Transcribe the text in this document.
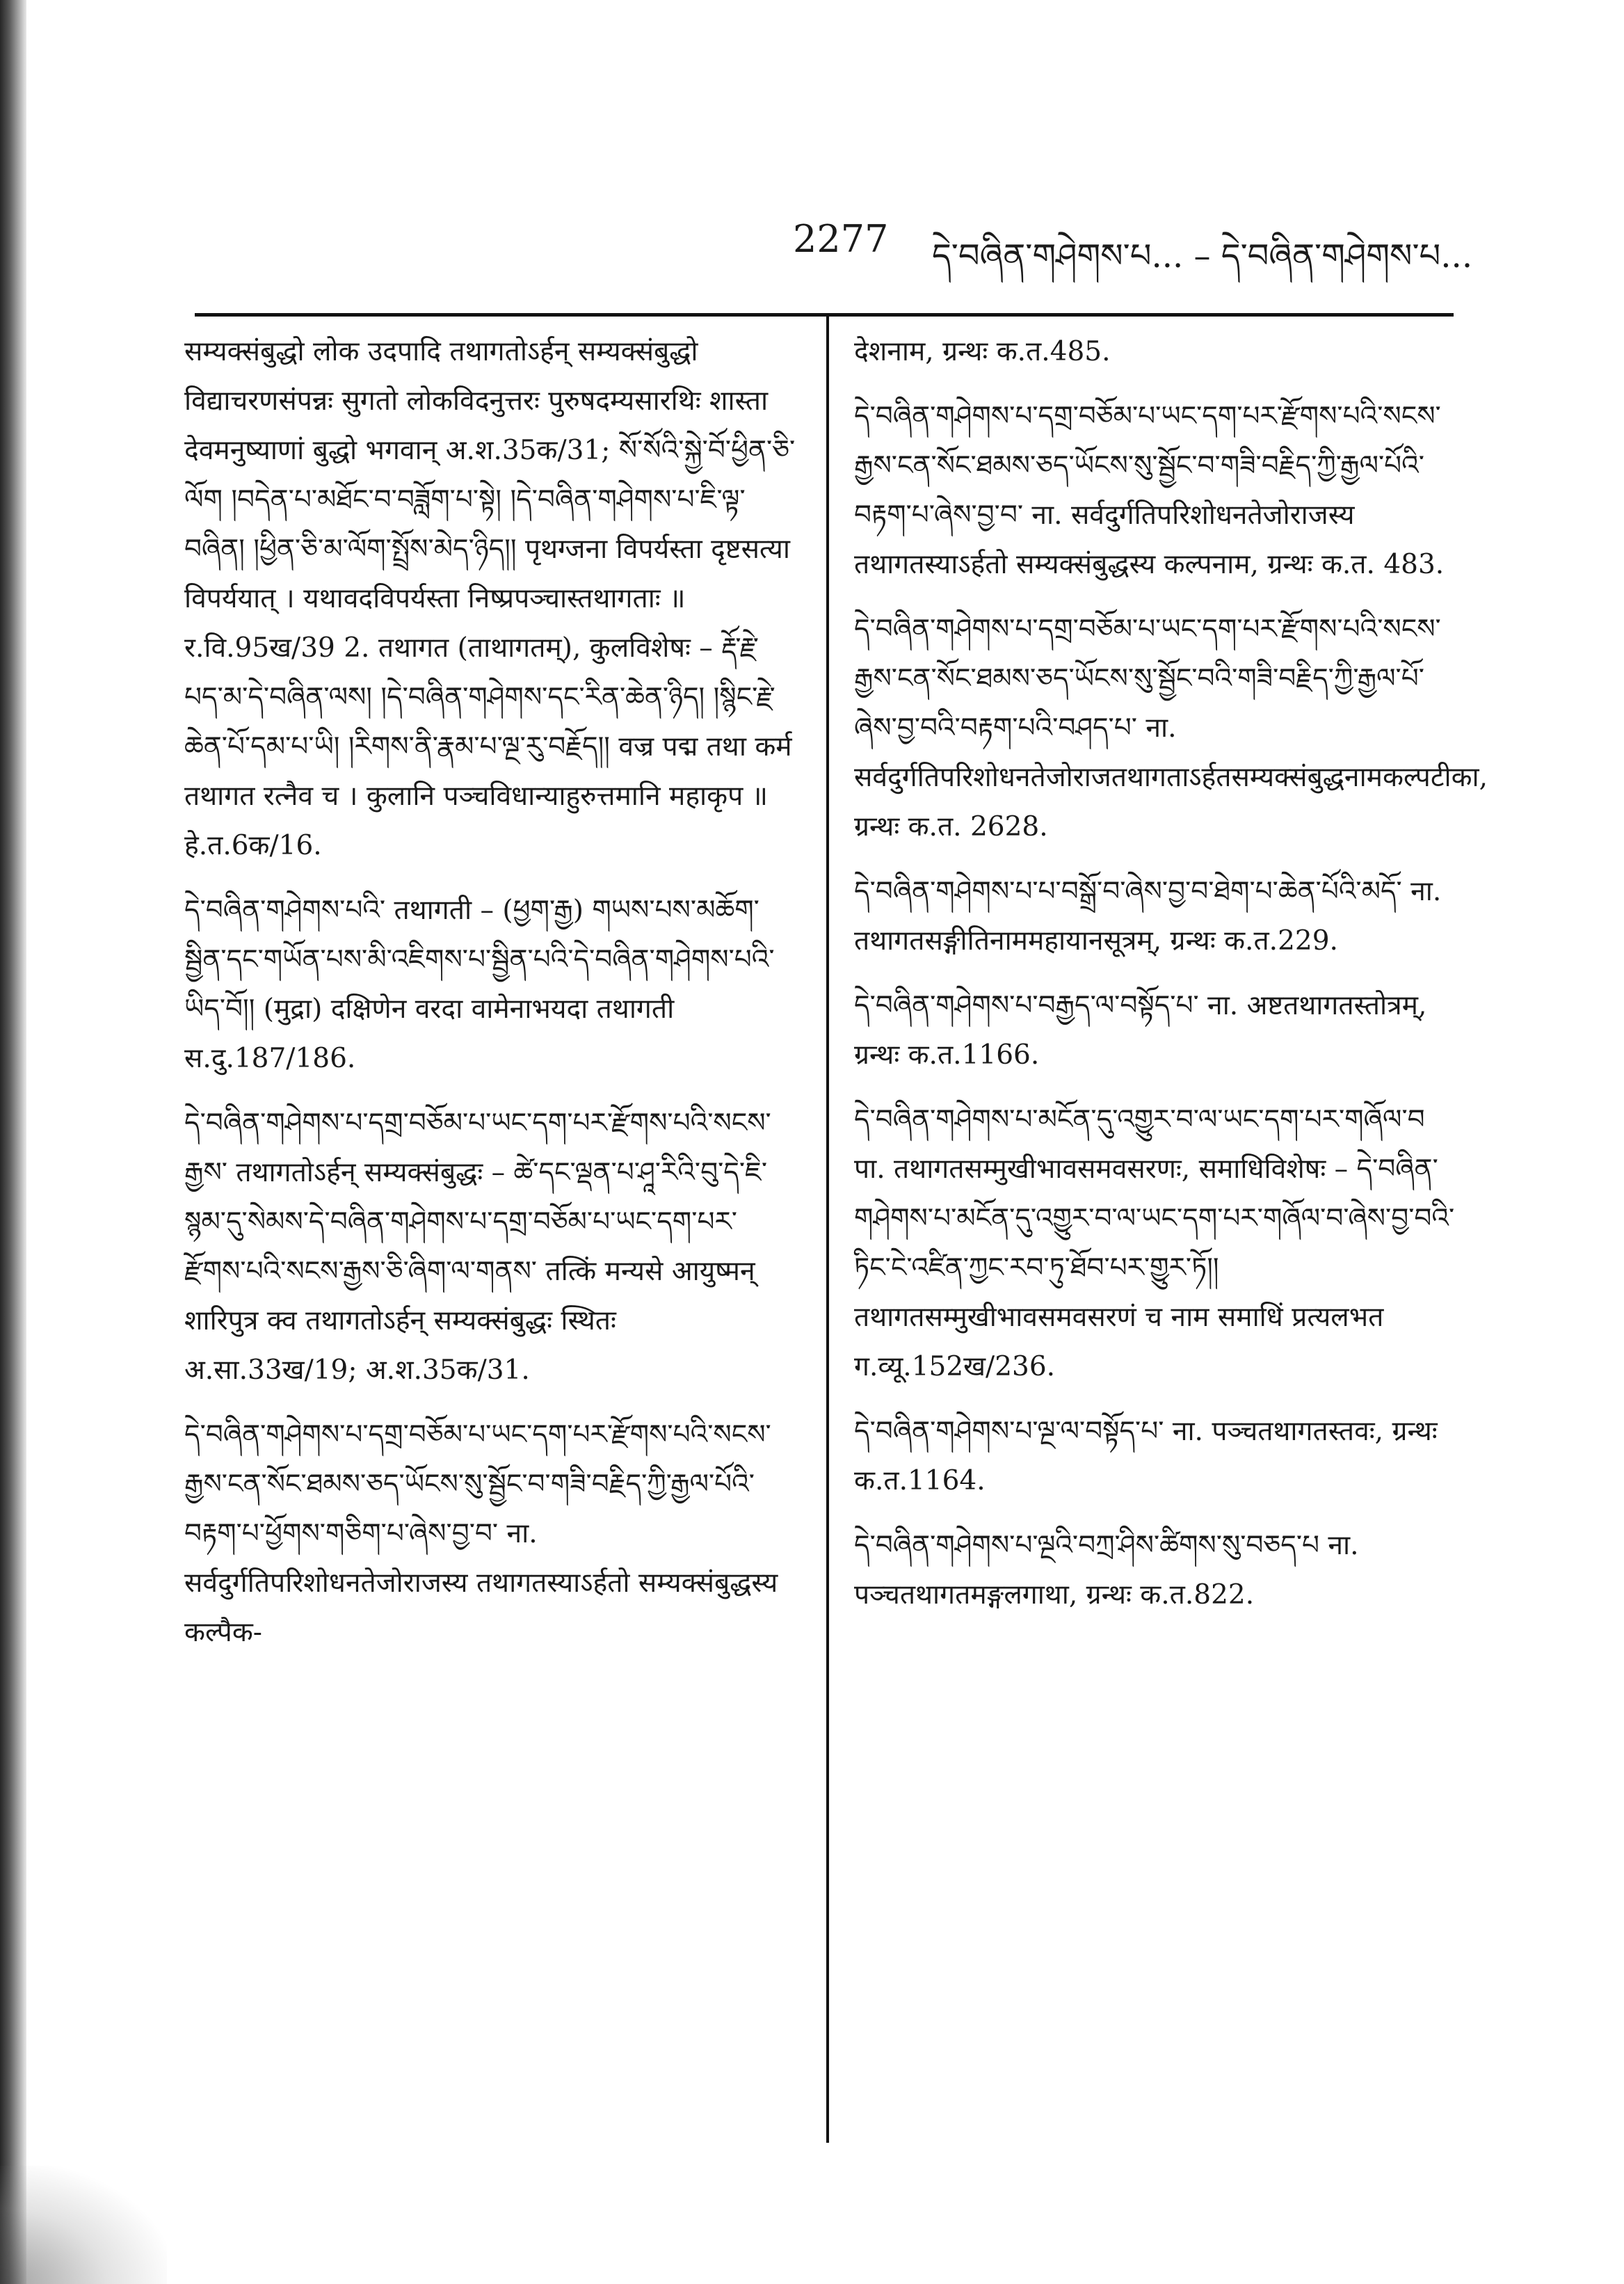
2277 དེ་བཞིན་གཤེགས་པ... – དེ་བཞིན་གཤེགས་པ...

सम्यक्संबुद्धो लोक उदपादि तथागतोऽर्हन् सम्यक्संबुद्धो विद्याचरणसंपन्नः सुगतो लोकविदनुत्तरः पुरुषदम्यसारथिः शास्ता देवमनुष्याणां बुद्धो भगवान् अ.श.35क/31; སོ་སོའི་སྐྱེ་བོ་ཕྱིན་ཅི་ལོག །བདེན་པ་མཐོང་བ་བཟློག་པ་སྟེ། །དེ་བཞིན་གཤེགས་པ་ཇི་ལྟ་བཞིན། །ཕྱིན་ཅི་མ་ལོག་སྤྲོས་མེད་ཉིད།། पृथग्जना विपर्यस्ता दृष्टसत्या विपर्ययात् । यथावदविपर्यस्ता निष्प्रपञ्चास्तथागताः ॥ र.वि.95ख/39 2. तथागत (ताथागतम्), कुलविशेषः – རྡོ་རྗེ་པད་མ་དེ་བཞིན་ལས། །དེ་བཞིན་གཤེགས་དང་རིན་ཆེན་ཉིད། །སྙིང་རྗེ་ཆེན་པོ་དམ་པ་ཡི། །རིགས་ནི་རྣམ་པ་ལྔ་རུ་བརྗོད།། वज्र पद्म तथा कर्म तथागत रत्नैव च । कुलानि पञ्चविधान्याहुरुत्तमानि महाकृप ॥ हे.त.6क/16.

དེ་བཞིན་གཤེགས་པའི་ तथागती – (ཕྱག་རྒྱ) གཡས་པས་མཆོག་སྦྱིན་དང་གཡོན་པས་མི་འཇིགས་པ་སྦྱིན་པའི་དེ་བཞིན་གཤེགས་པའི་ཡིད་བོ།། (मुद्रा) दक्षिणेन वरदा वामेनाभयदा तथागती स.दु.187/186.

དེ་བཞིན་གཤེགས་པ་དགྲ་བཅོམ་པ་ཡང་དག་པར་རྫོགས་པའི་སངས་རྒྱས་ तथागतोऽर्हन् सम्यक्संबुद्धः – ཚེ་དང་ལྡན་པ་ཤཱ་རིའི་བུ་དེ་ཇི་སྙམ་དུ་སེམས་དེ་བཞིན་གཤེགས་པ་དགྲ་བཅོམ་པ་ཡང་དག་པར་རྫོགས་པའི་སངས་རྒྱས་ཅི་ཞིག་ལ་གནས་ तत्किं मन्यसे आयुष्मन् शारिपुत्र क्व तथागतोऽर्हन् सम्यक्संबुद्धः स्थितः अ.सा.33ख/19; अ.श.35क/31.

དེ་བཞིན་གཤེགས་པ་དགྲ་བཅོམ་པ་ཡང་དག་པར་རྫོགས་པའི་སངས་རྒྱས་ངན་སོང་ཐམས་ཅད་ཡོངས་སུ་སྦྱོང་བ་གཟི་བརྗིད་ཀྱི་རྒྱལ་པོའི་བརྟག་པ་ཕྱོགས་གཅིག་པ་ཞེས་བྱ་བ་ ना. सर्वदुर्गतिपरिशोधनतेजोराजस्य तथागतस्याऽर्हतो सम्यक्संबुद्धस्य कल्पैक-

देशनाम, ग्रन्थः क.त.485.

དེ་བཞིན་གཤེགས་པ་དགྲ་བཅོམ་པ་ཡང་དག་པར་རྫོགས་པའི་སངས་རྒྱས་ངན་སོང་ཐམས་ཅད་ཡོངས་སུ་སྦྱོང་བ་གཟི་བརྗིད་ཀྱི་རྒྱལ་པོའི་བརྟག་པ་ཞེས་བྱ་བ་ ना. सर्वदुर्गतिपरिशोधनतेजोराजस्य तथागतस्याऽर्हतो सम्यक्संबुद्धस्य कल्पनाम, ग्रन्थः क.त. 483.

དེ་བཞིན་གཤེགས་པ་དགྲ་བཅོམ་པ་ཡང་དག་པར་རྫོགས་པའི་སངས་རྒྱས་ངན་སོང་ཐམས་ཅད་ཡོངས་སུ་སྦྱོང་བའི་གཟི་བརྗིད་ཀྱི་རྒྱལ་པོ་ཞེས་བྱ་བའི་བརྟག་པའི་བཤད་པ་ ना. सर्वदुर्गतिपरिशोधनतेजोराजतथागताऽर्हतसम्यक्संबुद्धनामकल्पटीका, ग्रन्थः क.त. 2628.

དེ་བཞིན་གཤེགས་པ་པ་བསྒྲོ་བ་ཞེས་བྱ་བ་ཐེག་པ་ཆེན་པོའི་མདོ་ ना. तथागतसङ्गीतिनाममहायानसूत्रम्, ग्रन्थः क.त.229.

དེ་བཞིན་གཤེགས་པ་བརྒྱད་ལ་བསྟོད་པ་ ना. अष्टतथागतस्तोत्रम्, ग्रन्थः क.त.1166.

དེ་བཞིན་གཤེགས་པ་མངོན་དུ་འགྱུར་བ་ལ་ཡང་དག་པར་གཞོལ་བ पा. तथागतसम्मुखीभावसमवसरणः, समाधिविशेषः – དེ་བཞིན་གཤེགས་པ་མངོན་དུ་འགྱུར་བ་ལ་ཡང་དག་པར་གཞོལ་བ་ཞེས་བྱ་བའི་ཏིང་ངེ་འཛིན་ཀྱང་རབ་ཏུ་ཐོབ་པར་གྱུར་ཏོ།། तथागतसम्मुखीभावसमवसरणं च नाम समाधिं प्रत्यलभत ग.व्यू.152ख/236.

དེ་བཞིན་གཤེགས་པ་ལྔ་ལ་བསྟོད་པ་ ना. पञ्चतथागतस्तवः, ग्रन्थः क.त.1164.

དེ་བཞིན་གཤེགས་པ་ལྔའི་བཀྲ་ཤིས་ཚིགས་སུ་བཅད་པ ना. पञ्चतथागतमङ्गलगाथा, ग्रन्थः क.त.822.
